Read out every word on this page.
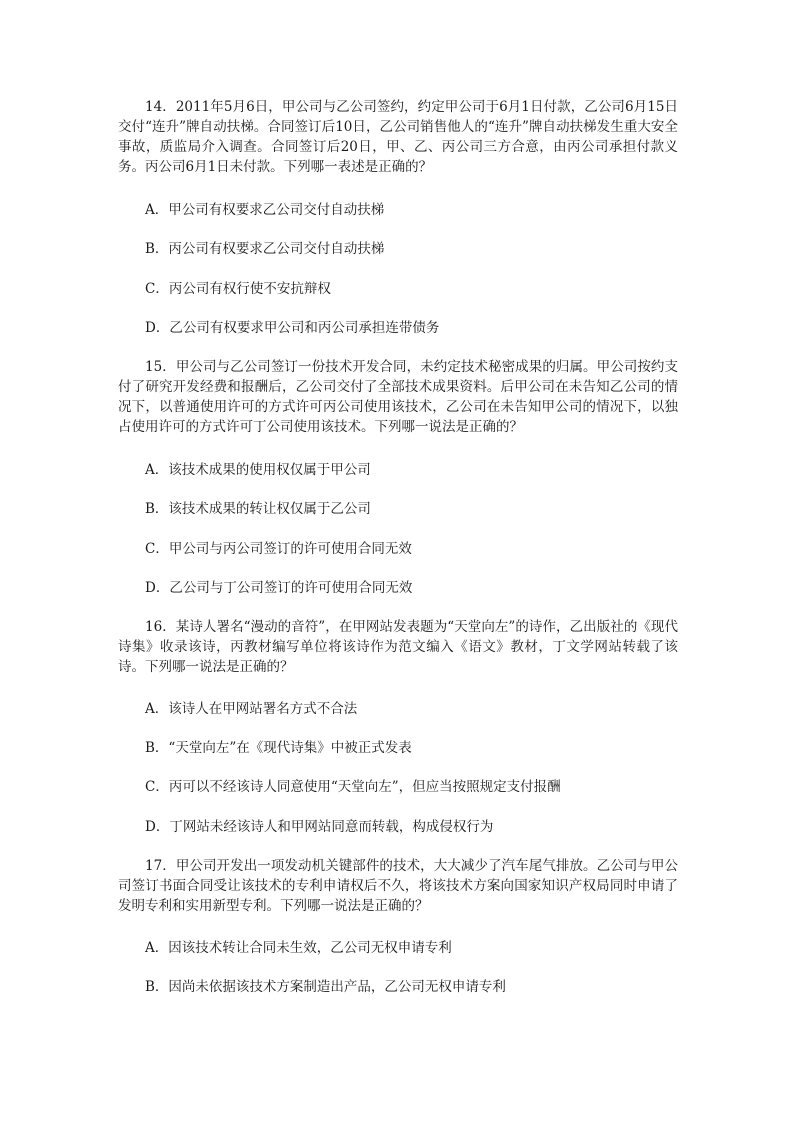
14．2011年5月6日，甲公司与乙公司签约，约定甲公司于6月1日付款，乙公司6月15日交付“连升”牌自动扶梯。合同签订后10日，乙公司销售他人的“连升”牌自动扶梯发生重大安全事故，质监局介入调查。合同签订后20日，甲、乙、丙公司三方合意，由丙公司承担付款义务。丙公司6月1日未付款。下列哪一表述是正确的？

A．甲公司有权要求乙公司交付自动扶梯

B．丙公司有权要求乙公司交付自动扶梯

C．丙公司有权行使不安抗辩权

D．乙公司有权要求甲公司和丙公司承担连带债务

15．甲公司与乙公司签订一份技术开发合同，未约定技术秘密成果的归属。甲公司按约支付了研究开发经费和报酬后，乙公司交付了全部技术成果资料。后甲公司在未告知乙公司的情况下，以普通使用许可的方式许可丙公司使用该技术，乙公司在未告知甲公司的情况下，以独占使用许可的方式许可丁公司使用该技术。下列哪一说法是正确的？

A．该技术成果的使用权仅属于甲公司

B．该技术成果的转让权仅属于乙公司

C．甲公司与丙公司签订的许可使用合同无效

D．乙公司与丁公司签订的许可使用合同无效

16．某诗人署名“漫动的音符”，在甲网站发表题为“天堂向左”的诗作，乙出版社的《现代诗集》收录该诗，丙教材编写单位将该诗作为范文编入《语文》教材，丁文学网站转载了该诗。下列哪一说法是正确的？

A．该诗人在甲网站署名方式不合法

B．“天堂向左”在《现代诗集》中被正式发表

C．丙可以不经该诗人同意使用“天堂向左”，但应当按照规定支付报酬

D．丁网站未经该诗人和甲网站同意而转载，构成侵权行为

17．甲公司开发出一项发动机关键部件的技术，大大减少了汽车尾气排放。乙公司与甲公司签订书面合同受让该技术的专利申请权后不久，将该技术方案向国家知识产权局同时申请了发明专利和实用新型专利。下列哪一说法是正确的？

A．因该技术转让合同未生效，乙公司无权申请专利

B．因尚未依据该技术方案制造出产品，乙公司无权申请专利
